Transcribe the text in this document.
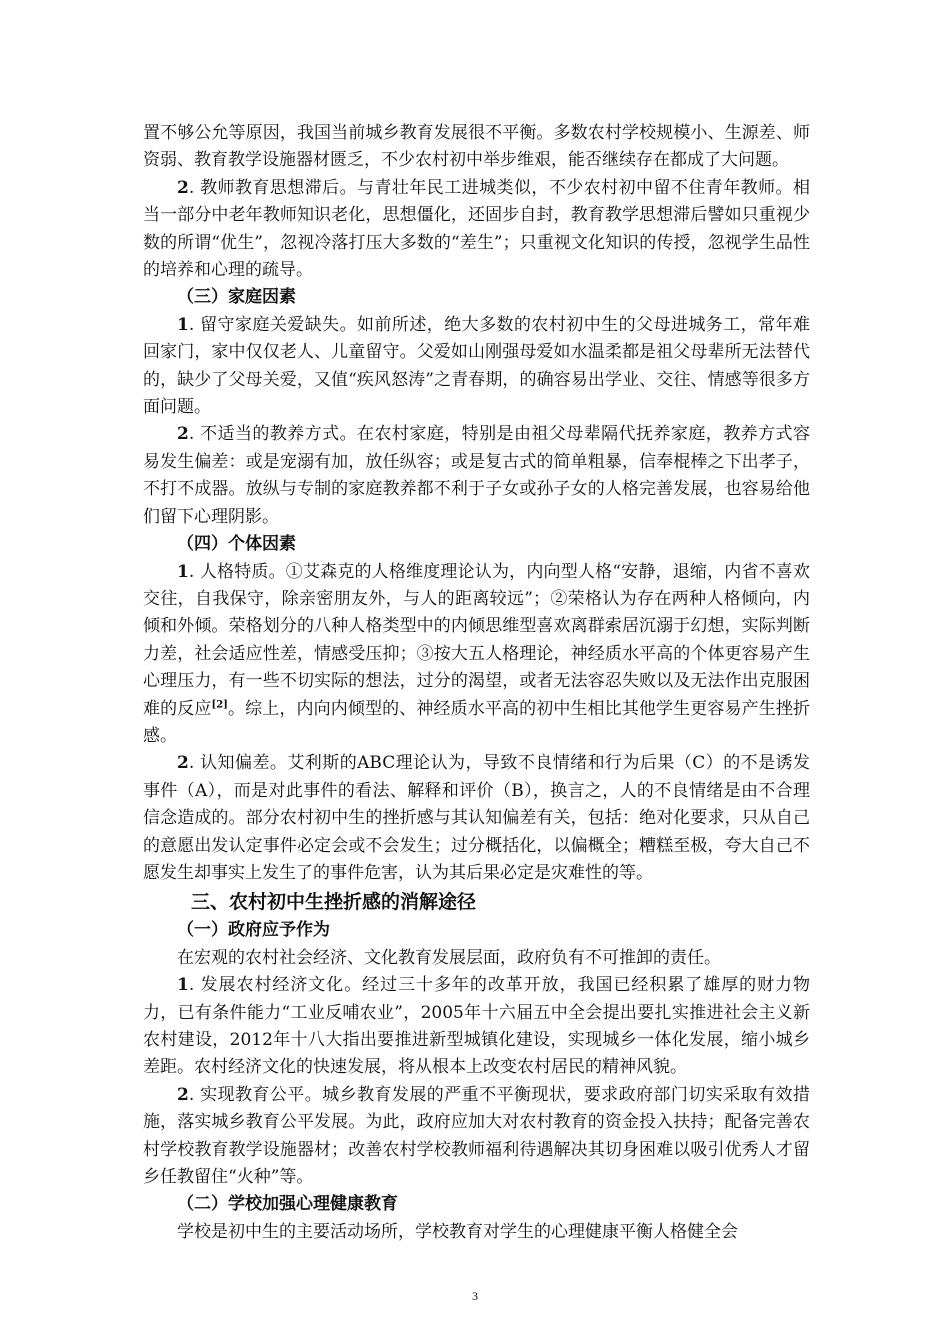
置不够公允等原因，我国当前城乡教育发展很不平衡。多数农村学校规模小、生源差、师资弱、教育教学设施器材匮乏，不少农村初中举步维艰，能否继续存在都成了大问题。

2. 教师教育思想滞后。与青壮年民工进城类似，不少农村初中留不住青年教师。相当一部分中老年教师知识老化，思想僵化，还固步自封，教育教学思想滞后譬如只重视少数的所谓“优生”，忽视冷落打压大多数的“差生”；只重视文化知识的传授，忽视学生品性的培养和心理的疏导。

（三）家庭因素

1. 留守家庭关爱缺失。如前所述，绝大多数的农村初中生的父母进城务工，常年难回家门，家中仅仅老人、儿童留守。父爱如山刚强母爱如水温柔都是祖父母辈所无法替代的，缺少了父母关爱，又值“疾风怒涛”之青春期，的确容易出学业、交往、情感等很多方面问题。

2. 不适当的教养方式。在农村家庭，特别是由祖父母辈隔代抚养家庭，教养方式容易发生偏差：或是宠溺有加，放任纵容；或是复古式的简单粗暴，信奉棍棒之下出孝子，不打不成器。放纵与专制的家庭教养都不利于子女或孙子女的人格完善发展，也容易给他们留下心理阴影。

（四）个体因素

1. 人格特质。①艾森克的人格维度理论认为，内向型人格“安静，退缩，内省不喜欢交往，自我保守，除亲密朋友外，与人的距离较远”；②荣格认为存在两种人格倾向，内倾和外倾。荣格划分的八种人格类型中的内倾思维型喜欢离群索居沉溺于幻想，实际判断力差，社会适应性差，情感受压抑；③按大五人格理论，神经质水平高的个体更容易产生心理压力，有一些不切实际的想法，过分的渴望，或者无法容忍失败以及无法作出克服困难的反应[2]。综上，内向内倾型的、神经质水平高的初中生相比其他学生更容易产生挫折感。

2. 认知偏差。艾利斯的ABC理论认为，导致不良情绪和行为后果（C）的不是诱发事件（A），而是对此事件的看法、解释和评价（B），换言之，人的不良情绪是由不合理信念造成的。部分农村初中生的挫折感与其认知偏差有关，包括：绝对化要求，只从自己的意愿出发认定事件必定会或不会发生；过分概括化，以偏概全；糟糕至极，夸大自己不愿发生却事实上发生了的事件危害，认为其后果必定是灾难性的等。

三、农村初中生挫折感的消解途径

（一）政府应予作为

在宏观的农村社会经济、文化教育发展层面，政府负有不可推卸的责任。

1. 发展农村经济文化。经过三十多年的改革开放，我国已经积累了雄厚的财力物力，已有条件能力“工业反哺农业”，2005年十六届五中全会提出要扎实推进社会主义新农村建设，2012年十八大指出要推进新型城镇化建设，实现城乡一体化发展，缩小城乡差距。农村经济文化的快速发展，将从根本上改变农村居民的精神风貌。

2. 实现教育公平。城乡教育发展的严重不平衡现状，要求政府部门切实采取有效措施，落实城乡教育公平发展。为此，政府应加大对农村教育的资金投入扶持；配备完善农村学校教育教学设施器材；改善农村学校教师福利待遇解决其切身困难以吸引优秀人才留乡任教留住“火种”等。

（二）学校加强心理健康教育

学校是初中生的主要活动场所，学校教育对学生的心理健康平衡人格健全会

3
